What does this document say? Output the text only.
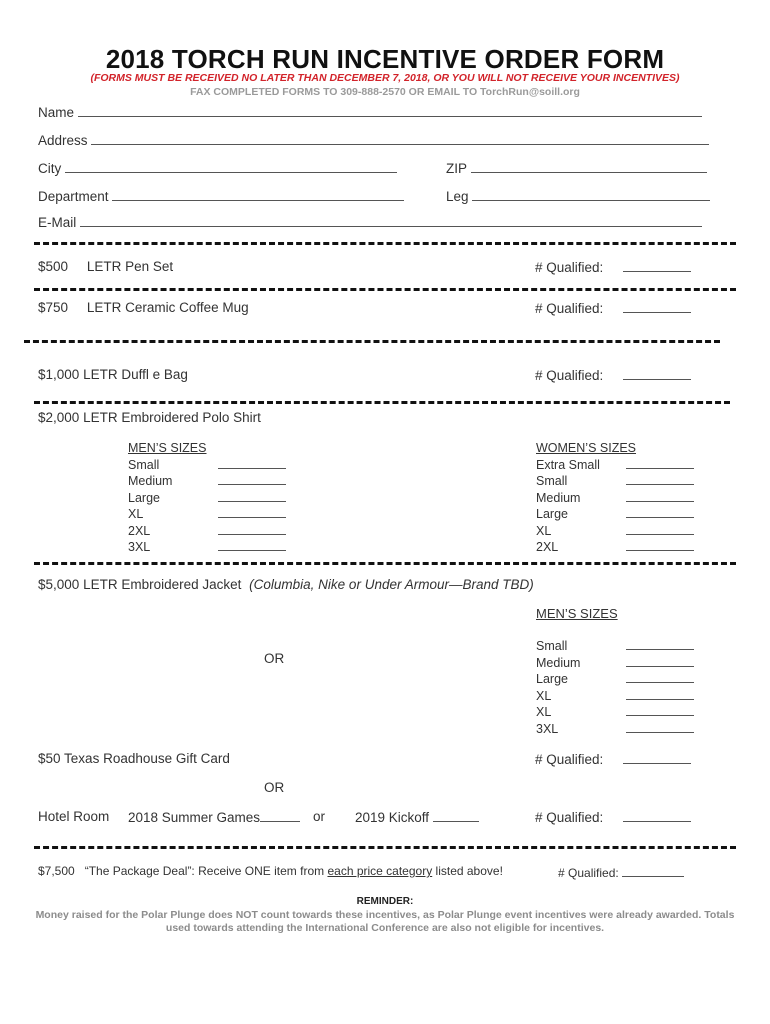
2018 TORCH RUN INCENTIVE ORDER FORM
(FORMS MUST BE RECEIVED NO LATER THAN DECEMBER 7, 2018, OR YOU WILL NOT RECEIVE YOUR INCENTIVES)
FAX COMPLETED FORMS TO 309-888-2570 OR EMAIL TO TorchRun@soill.org
Name
Address
City	ZIP
Department	Leg
E-Mail
$500 LETR Pen Set	# Qualified:
$750 LETR Ceramic Coffee Mug	# Qualified:
$1,000 LETR Duffl e Bag	# Qualified:
$2,000 LETR Embroidered Polo Shirt
MEN’S SIZES
Small
Medium
Large
XL
2XL
3XL
WOMEN’S SIZES
Extra Small
Small
Medium
Large
XL
2XL
$5,000 LETR Embroidered Jacket (Columbia, Nike or Under Armour—Brand TBD)
MEN’S SIZES
OR
Small
Medium
Large
XL
XL
3XL
$50 Texas Roadhouse Gift Card	# Qualified:
OR
Hotel Room 2018 Summer Games	or 2019 Kickoff	# Qualified:
$7,500 “The Package Deal”: Receive ONE item from each price category listed above!	# Qualified:
REMINDER:
Money raised for the Polar Plunge does NOT count towards these incentives, as Polar Plunge event incentives were already awarded. Totals used towards attending the International Conference are also not eligible for incentives.
